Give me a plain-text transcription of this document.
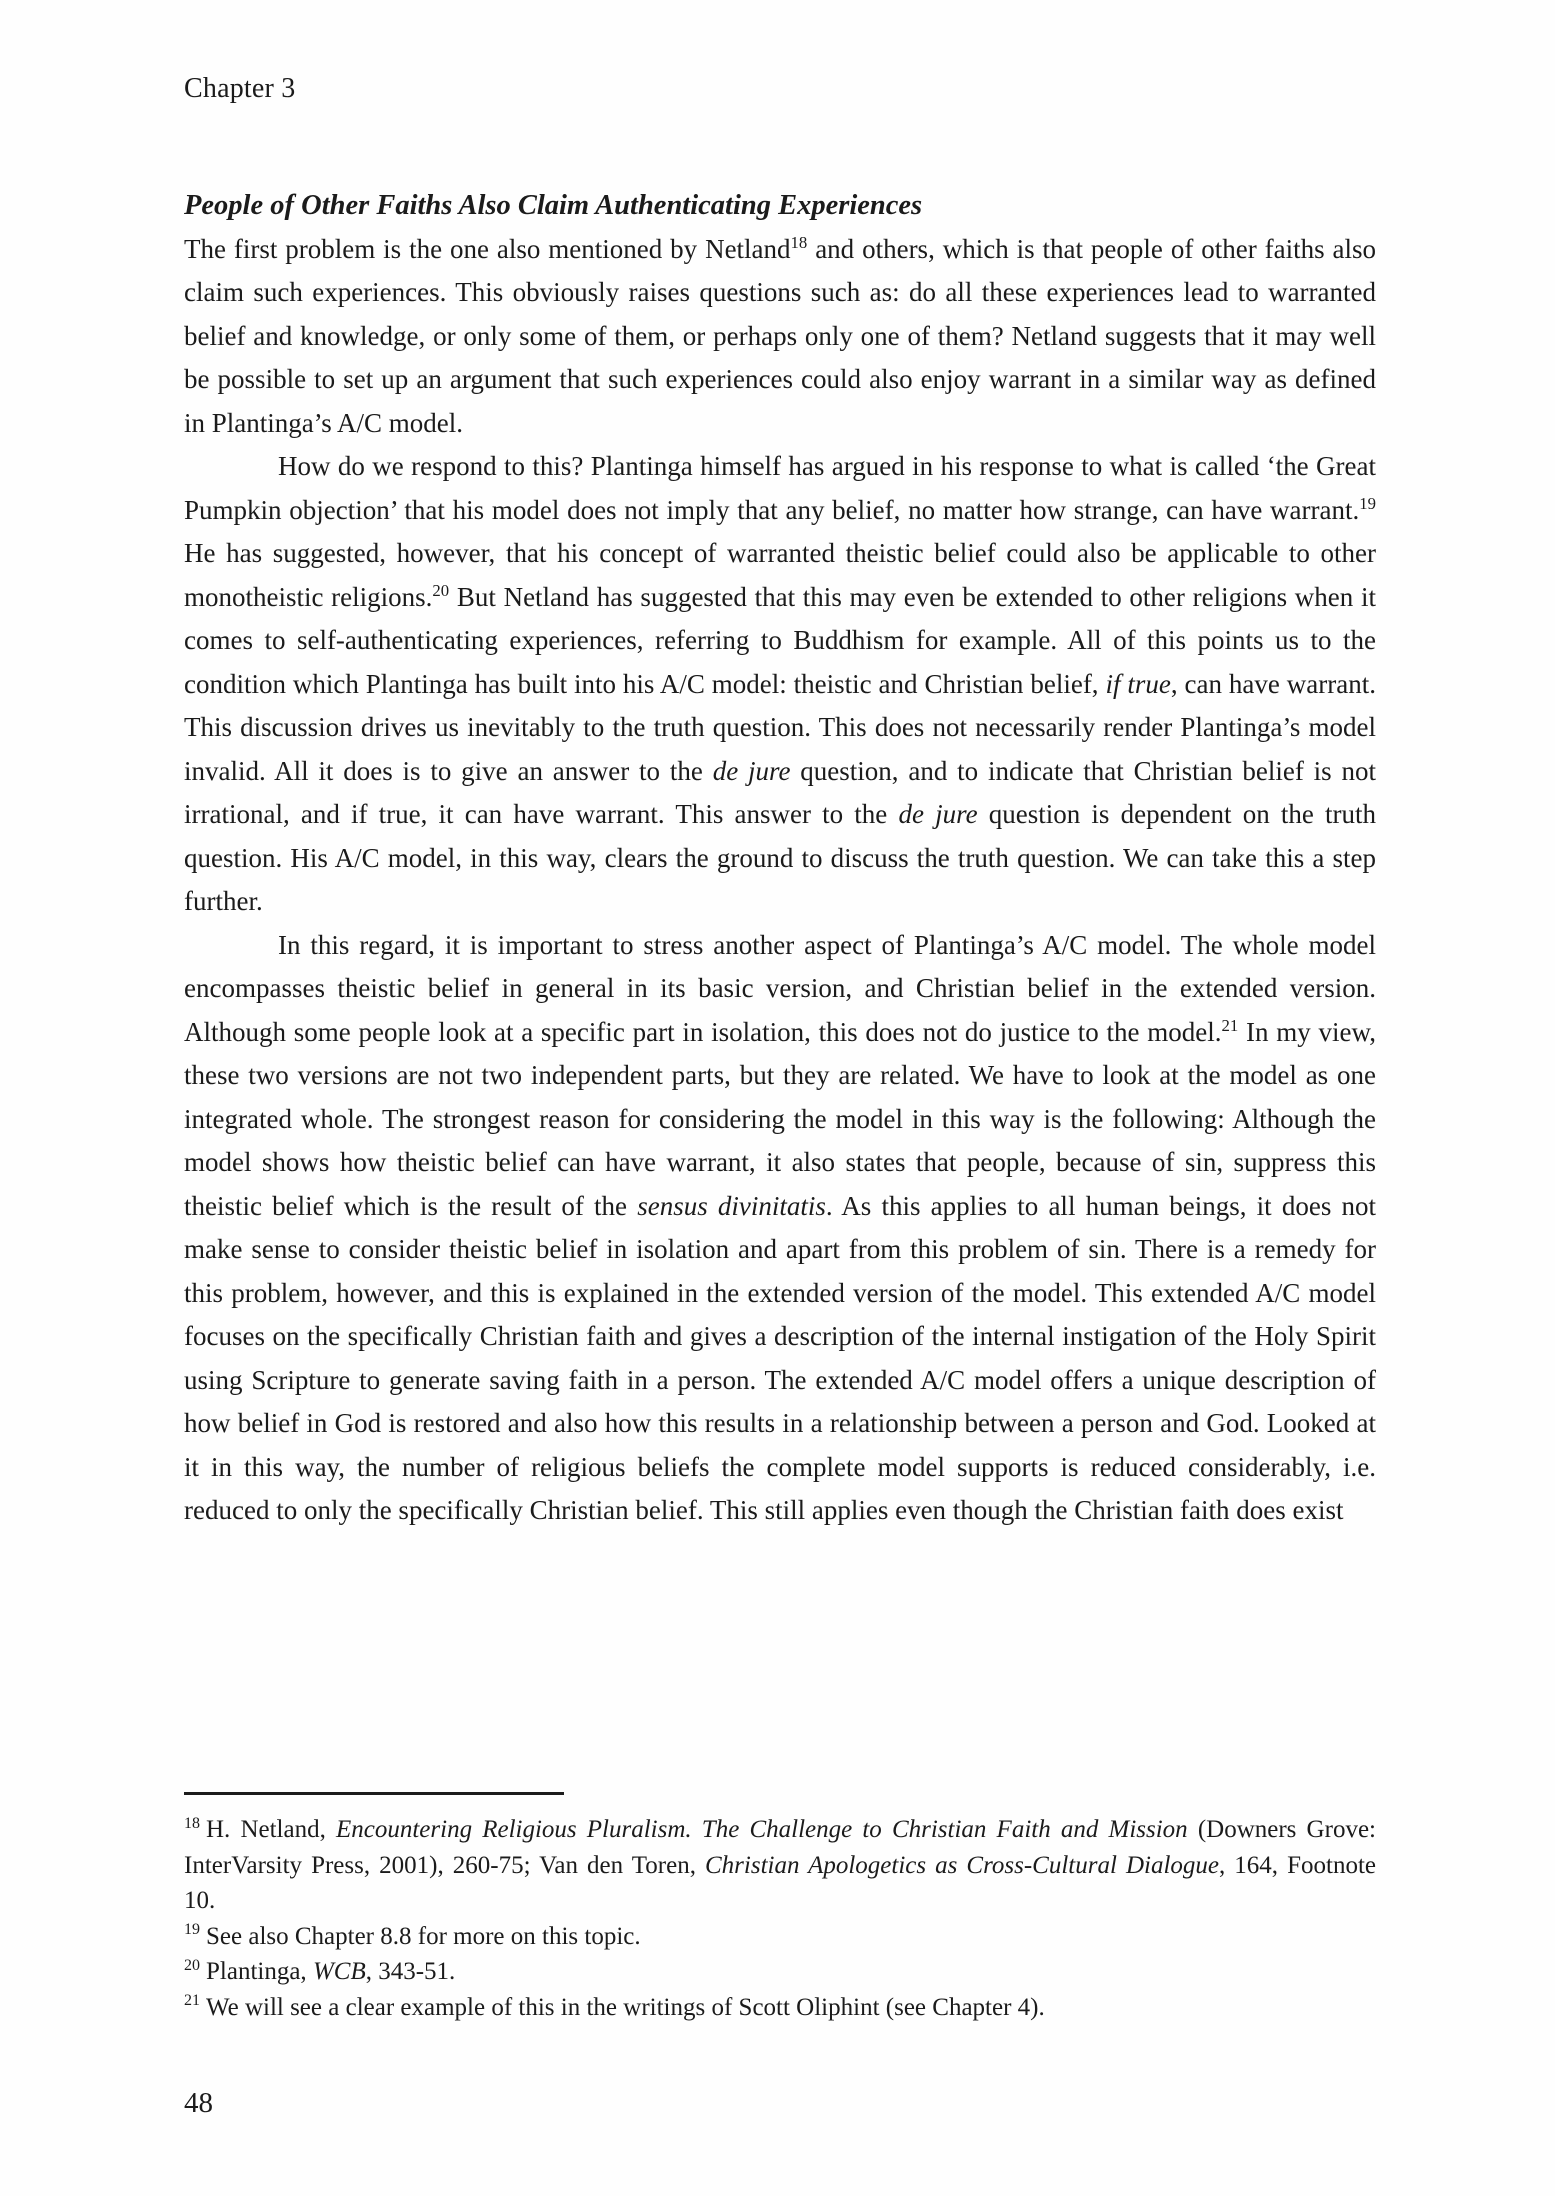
Chapter 3
People of Other Faiths Also Claim Authenticating Experiences

The first problem is the one also mentioned by Netland$^{18}$ and others, which is that people of other faiths also claim such experiences. This obviously raises questions such as: do all these experiences lead to warranted belief and knowledge, or only some of them, or perhaps only one of them? Netland suggests that it may well be possible to set up an argument that such experiences could also enjoy warrant in a similar way as defined in Plantinga’s A/C model.

How do we respond to this? Plantinga himself has argued in his response to what is called ‘the Great Pumpkin objection’ that his model does not imply that any belief, no matter how strange, can have warrant.$^{19}$ He has suggested, however, that his concept of warranted theistic belief could also be applicable to other monotheistic religions.$^{20}$ But Netland has suggested that this may even be extended to other religions when it comes to self-authenticating experiences, referring to Buddhism for example. All of this points us to the condition which Plantinga has built into his A/C model: theistic and Christian belief, if true, can have warrant. This discussion drives us inevitably to the truth question. This does not necessarily render Plantinga’s model invalid. All it does is to give an answer to the de jure question, and to indicate that Christian belief is not irrational, and if true, it can have warrant. This answer to the de jure question is dependent on the truth question. His A/C model, in this way, clears the ground to discuss the truth question. We can take this a step further.

In this regard, it is important to stress another aspect of Plantinga’s A/C model. The whole model encompasses theistic belief in general in its basic version, and Christian belief in the extended version. Although some people look at a specific part in isolation, this does not do justice to the model.$^{21}$ In my view, these two versions are not two independent parts, but they are related. We have to look at the model as one integrated whole. The strongest reason for considering the model in this way is the following: Although the model shows how theistic belief can have warrant, it also states that people, because of sin, suppress this theistic belief which is the result of the sensus divinitatis. As this applies to all human beings, it does not make sense to consider theistic belief in isolation and apart from this problem of sin. There is a remedy for this problem, however, and this is explained in the extended version of the model. This extended A/C model focuses on the specifically Christian faith and gives a description of the internal instigation of the Holy Spirit using Scripture to generate saving faith in a person. The extended A/C model offers a unique description of how belief in God is restored and also how this results in a relationship between a person and God. Looked at it in this way, the number of religious beliefs the complete model supports is reduced considerably, i.e. reduced to only the specifically Christian belief. This still applies even though the Christian faith does exist

$^{18}$ H. Netland, Encountering Religious Pluralism. The Challenge to Christian Faith and Mission (Downers Grove: InterVarsity Press, 2001), 260-75; Van den Toren, Christian Apologetics as Cross-Cultural Dialogue, 164, Footnote 10.

$^{19}$ See also Chapter 8.8 for more on this topic.

$^{20}$ Plantinga, WCB, 343-51.

$^{21}$ We will see a clear example of this in the writings of Scott Oliphint (see Chapter 4).

48
